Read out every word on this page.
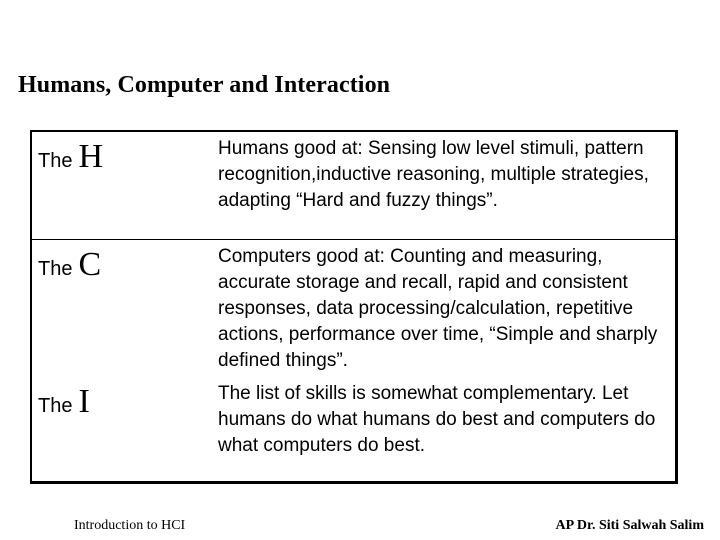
Humans, Computer and Interaction
The H	Humans good at: Sensing low level stimuli, pattern recognition,inductive reasoning, multiple strategies, adapting “Hard and fuzzy things”.
The C	Computers good at: Counting and measuring, accurate storage and recall, rapid and consistent responses, data processing/calculation, repetitive actions, performance over time, “Simple and sharply defined things”.
The I	The list of skills is somewhat complementary. Let humans do what humans do best and computers do what computers do best.
Introduction to HCI	AP Dr. Siti Salwah Salim
